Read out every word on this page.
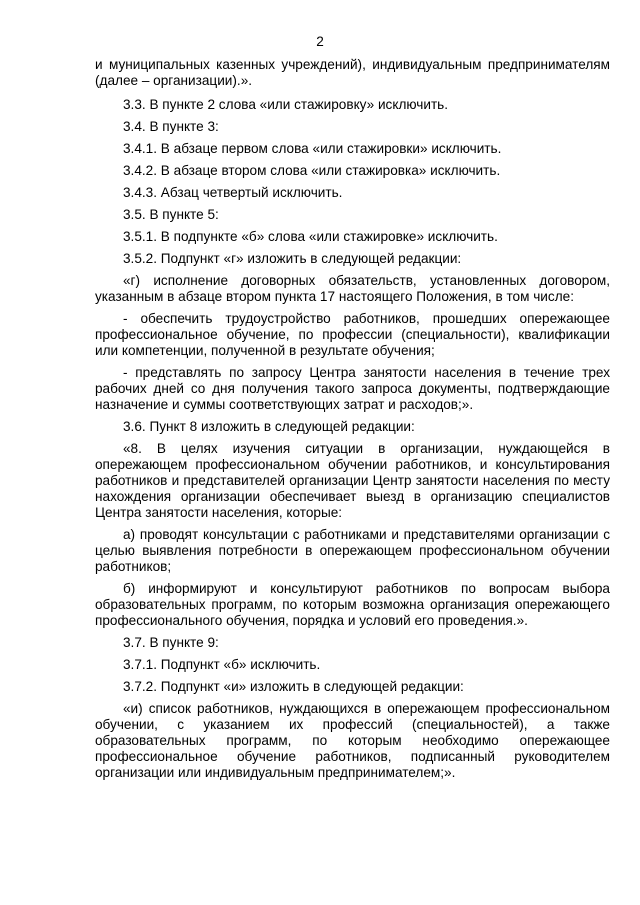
2

и муниципальных казенных учреждений), индивидуальным предпринимателям (далее – организации).».

3.3. В пункте 2 слова «или стажировку» исключить.

3.4. В пункте 3:

3.4.1. В абзаце первом слова «или стажировки» исключить.

3.4.2. В абзаце втором слова «или стажировка» исключить.

3.4.3. Абзац четвертый исключить.

3.5. В пункте 5:

3.5.1. В подпункте «б» слова «или стажировке» исключить.

3.5.2. Подпункт «г» изложить в следующей редакции:

«г) исполнение договорных обязательств, установленных договором, указанным в абзаце втором пункта 17 настоящего Положения, в том числе:

- обеспечить трудоустройство работников, прошедших опережающее профессиональное обучение, по профессии (специальности), квалификации или компетенции, полученной в результате обучения;

- представлять по запросу Центра занятости населения в течение трех рабочих дней со дня получения такого запроса документы, подтверждающие назначение и суммы соответствующих затрат и расходов;».

3.6. Пункт 8 изложить в следующей редакции:

«8. В целях изучения ситуации в организации, нуждающейся в опережающем профессиональном обучении работников, и консультирования работников и представителей организации Центр занятости населения по месту нахождения организации обеспечивает выезд в организацию специалистов Центра занятости населения, которые:

а) проводят консультации с работниками и представителями организации с целью выявления потребности в опережающем профессиональном обучении работников;

б) информируют и консультируют работников по вопросам выбора образовательных программ, по которым возможна организация опережающего профессионального обучения, порядка и условий его проведения.».

3.7. В пункте 9:

3.7.1. Подпункт «б» исключить.

3.7.2. Подпункт «и» изложить в следующей редакции:

«и) список работников, нуждающихся в опережающем профессиональном обучении, с указанием их профессий (специальностей), а также образовательных программ, по которым необходимо опережающее профессиональное обучение работников, подписанный руководителем организации или индивидуальным предпринимателем;».
